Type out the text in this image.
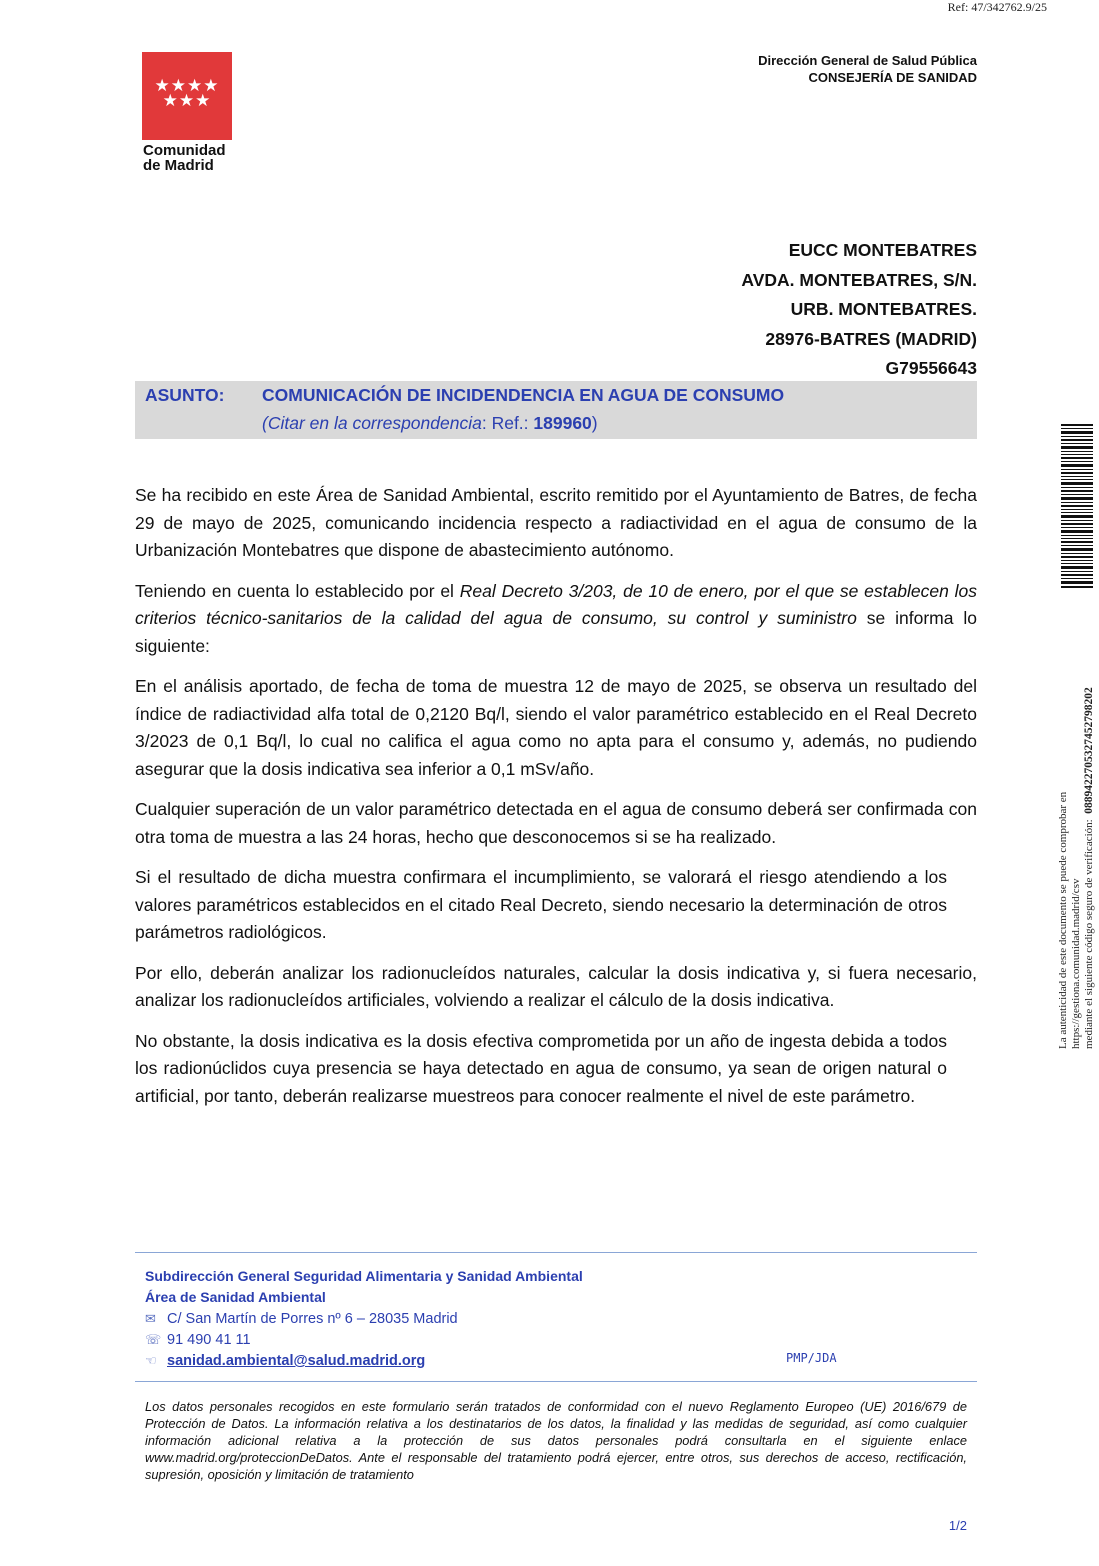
Ref: 47/342762.9/25
★★★★
★★★
Comunidad
de Madrid
Dirección General de Salud Pública
CONSEJERÍA DE SANIDAD
EUCC MONTEBATRES
AVDA. MONTEBATRES, S/N.
URB. MONTEBATRES.
28976-BATRES (MADRID)
G79556643
ASUNTO: COMUNICACIÓN DE INCIDENDENCIA EN AGUA DE CONSUMO
(Citar en la correspondencia: Ref.: 189960)

Se ha recibido en este Área de Sanidad Ambiental, escrito remitido por el Ayuntamiento de Batres, de fecha 29 de mayo de 2025, comunicando incidencia respecto a radiactividad en el agua de consumo de la Urbanización Montebatres que dispone de abastecimiento autónomo.

Teniendo en cuenta lo establecido por el Real Decreto 3/203, de 10 de enero, por el que se establecen los criterios técnico-sanitarios de la calidad del agua de consumo, su control y suministro se informa lo siguiente:

En el análisis aportado, de fecha de toma de muestra 12 de mayo de 2025, se observa un resultado del índice de radiactividad alfa total de 0,2120 Bq/l, siendo el valor paramétrico establecido en el Real Decreto 3/2023 de 0,1 Bq/l, lo cual no califica el agua como no apta para el consumo y, además, no pudiendo asegurar que la dosis indicativa sea inferior a 0,1 mSv/año.

Cualquier superación de un valor paramétrico detectada en el agua de consumo deberá ser confirmada con otra toma de muestra a las 24 horas, hecho que desconocemos si se ha realizado.

Si el resultado de dicha muestra confirmara el incumplimiento, se valorará el riesgo atendiendo a los valores paramétricos establecidos en el citado Real Decreto, siendo necesario la determinación de otros parámetros radiológicos.

Por ello, deberán analizar los radionucleídos naturales, calcular la dosis indicativa y, si fuera necesario, analizar los radionucleídos artificiales, volviendo a realizar el cálculo de la dosis indicativa.

No obstante, la dosis indicativa es la dosis efectiva comprometida por un año de ingesta debida a todos los radionúclidos cuya presencia se haya detectado en agua de consumo, ya sean de origen natural o artificial, por tanto, deberán realizarse muestreos para conocer realmente el nivel de este parámetro.

La autenticidad de este documento se puede comprobar en https://gestiona.comunidad.madrid/csv mediante el siguiente código seguro de verificación:  0889422705327452798202
Subdirección General Seguridad Alimentaria y Sanidad Ambiental
Área de Sanidad Ambiental
✉ C/ San Martín de Porres nº 6 – 28035 Madrid
☏ 91 490 41 11
☜ sanidad.ambiental@salud.madrid.org	PMP/JDA
Los datos personales recogidos en este formulario serán tratados de conformidad con el nuevo Reglamento Europeo (UE) 2016/679 de Protección de Datos. La información relativa a los destinatarios de los datos, la finalidad y las medidas de seguridad, así como cualquier información adicional relativa a la protección de sus datos personales podrá consultarla en el siguiente enlace www.madrid.org/proteccionDeDatos. Ante el responsable del tratamiento podrá ejercer, entre otros, sus derechos de acceso, rectificación, supresión, oposición y limitación de tratamiento
1/2
